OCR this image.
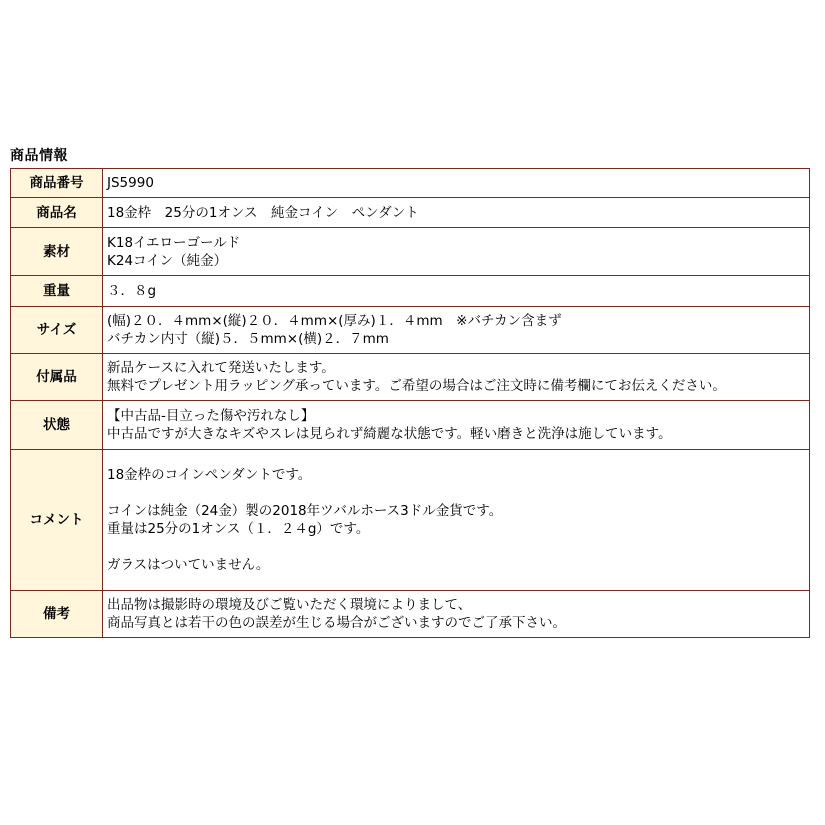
商品情報
商品番号	JS5990

商品名	18金枠　25分の1オンス　純金コイン　ペンダント

素材	K18イエローゴールド
K24コイン（純金）

重量	３．８g

サイズ	(幅)２０．４mm×(縦)２０．４mm×(厚み)１．４mm　※バチカン含まず
バチカン内寸（縦)５．５mm×(横)２．７mm

付属品	新品ケースに入れて発送いたします。
無料でプレゼント用ラッピング承っています。ご希望の場合はご注文時に備考欄にてお伝えください。

状態	【中古品-目立った傷や汚れなし】
中古品ですが大きなキズやスレは見られず綺麗な状態です。軽い磨きと洗浄は施しています。

コメント	18金枠のコインペンダントです。
コインは純金（24金）製の2018年ツバルホース3ドル金貨です。
重量は25分の1オンス（１．２４g）です。
ガラスはついていません。

備考	出品物は撮影時の環境及びご覧いただく環境によりまして、
商品写真とは若干の色の誤差が生じる場合がございますのでご了承下さい。
